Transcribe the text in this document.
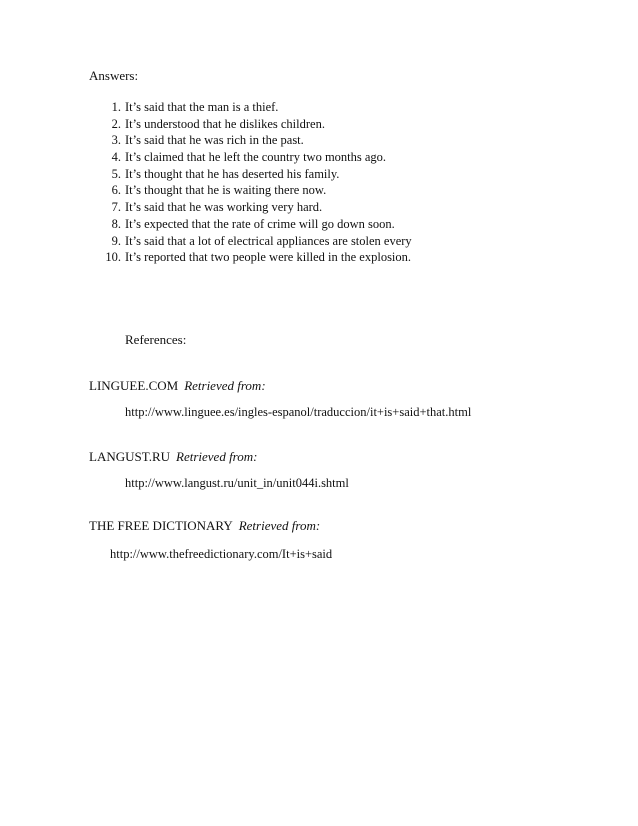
Answers:

1. It’s said that the man is a thief.
2. It’s understood that he dislikes children.
3. It’s said that he was rich in the past.
4. It’s claimed that he left the country two months ago.
5. It’s thought that he has deserted his family.
6. It’s thought that he is waiting there now.
7. It’s said that he was working very hard.
8. It’s expected that the rate of crime will go down soon.
9. It’s said that a lot of electrical appliances are stolen every
10. It’s reported that two people were killed in the explosion.

References:

LINGUEE.COM Retrieved from:
http://www.linguee.es/ingles-espanol/traduccion/it+is+said+that.html
LANGUST.RU Retrieved from:
http://www.langust.ru/unit_in/unit044i.shtml
THE FREE DICTIONARY Retrieved from:
http://www.thefreedictionary.com/It+is+said
